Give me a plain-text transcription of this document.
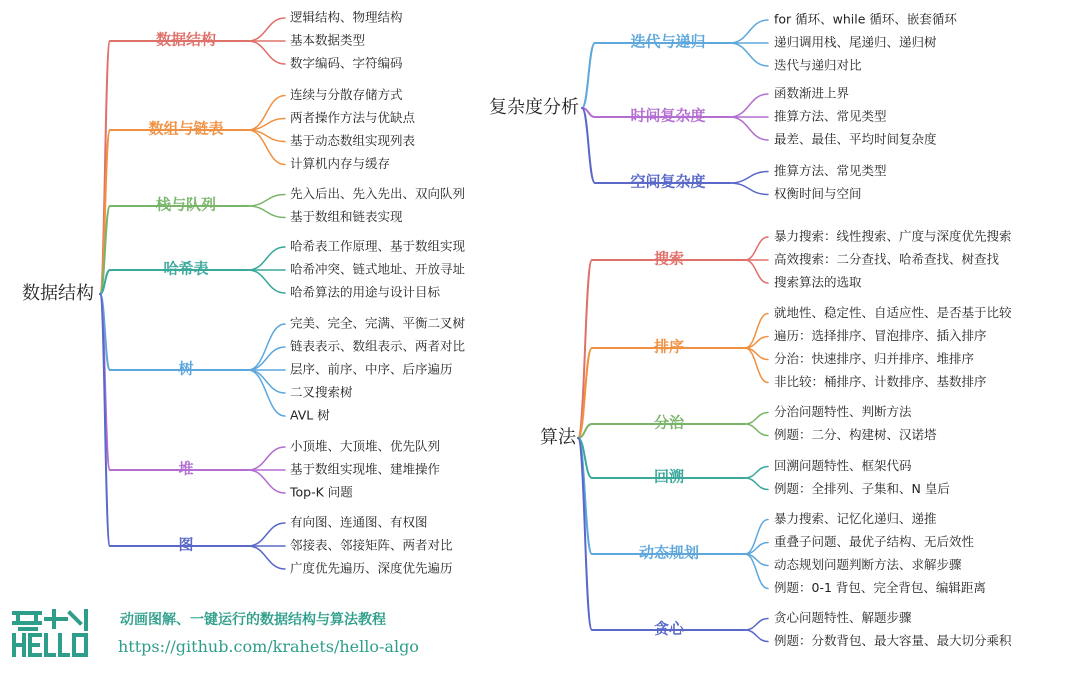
数据结构
数据结构
逻辑结构、物理结构
基本数据类型
数字编码、字符编码
数组与链表
连续与分散存储方式
两者操作方法与优缺点
基于动态数组实现列表
计算机内存与缓存
栈与队列
先入后出、先入先出、双向队列
基于数组和链表实现
哈希表
哈希表工作原理、基于数组实现
哈希冲突、链式地址、开放寻址
哈希算法的用途与设计目标
树
完美、完全、完满、平衡二叉树
链表表示、数组表示、两者对比
层序、前序、中序、后序遍历
二叉搜索树
AVL 树
堆
小顶堆、大顶堆、优先队列
基于数组实现堆、建堆操作
Top-K 问题
图
有向图、连通图、有权图
邻接表、邻接矩阵、两者对比
广度优先遍历、深度优先遍历
复杂度分析
迭代与递归
for 循环、while 循环、嵌套循环
递归调用栈、尾递归、递归树
迭代与递归对比
时间复杂度
函数渐进上界
推算方法、常见类型
最差、最佳、平均时间复杂度
空间复杂度
推算方法、常见类型
权衡时间与空间
算法
搜索
暴力搜索：线性搜索、广度与深度优先搜索
高效搜索：二分查找、哈希查找、树查找
搜索算法的选取
排序
就地性、稳定性、自适应性、是否基于比较
遍历：选择排序、冒泡排序、插入排序
分治：快速排序、归并排序、堆排序
非比较：桶排序、计数排序、基数排序
分治
分治问题特性、判断方法
例题：二分、构建树、汉诺塔
回溯
回溯问题特性、框架代码
例题：全排列、子集和、N 皇后
动态规划
暴力搜索、记忆化递归、递推
重叠子问题、最优子结构、无后效性
动态规划问题判断方法、求解步骤
例题：0-1 背包、完全背包、编辑距离
贪心
贪心问题特性、解题步骤
例题：分数背包、最大容量、最大切分乘积
动画图解、一键运行的数据结构与算法教程
https://github.com/krahets/hello-algo
